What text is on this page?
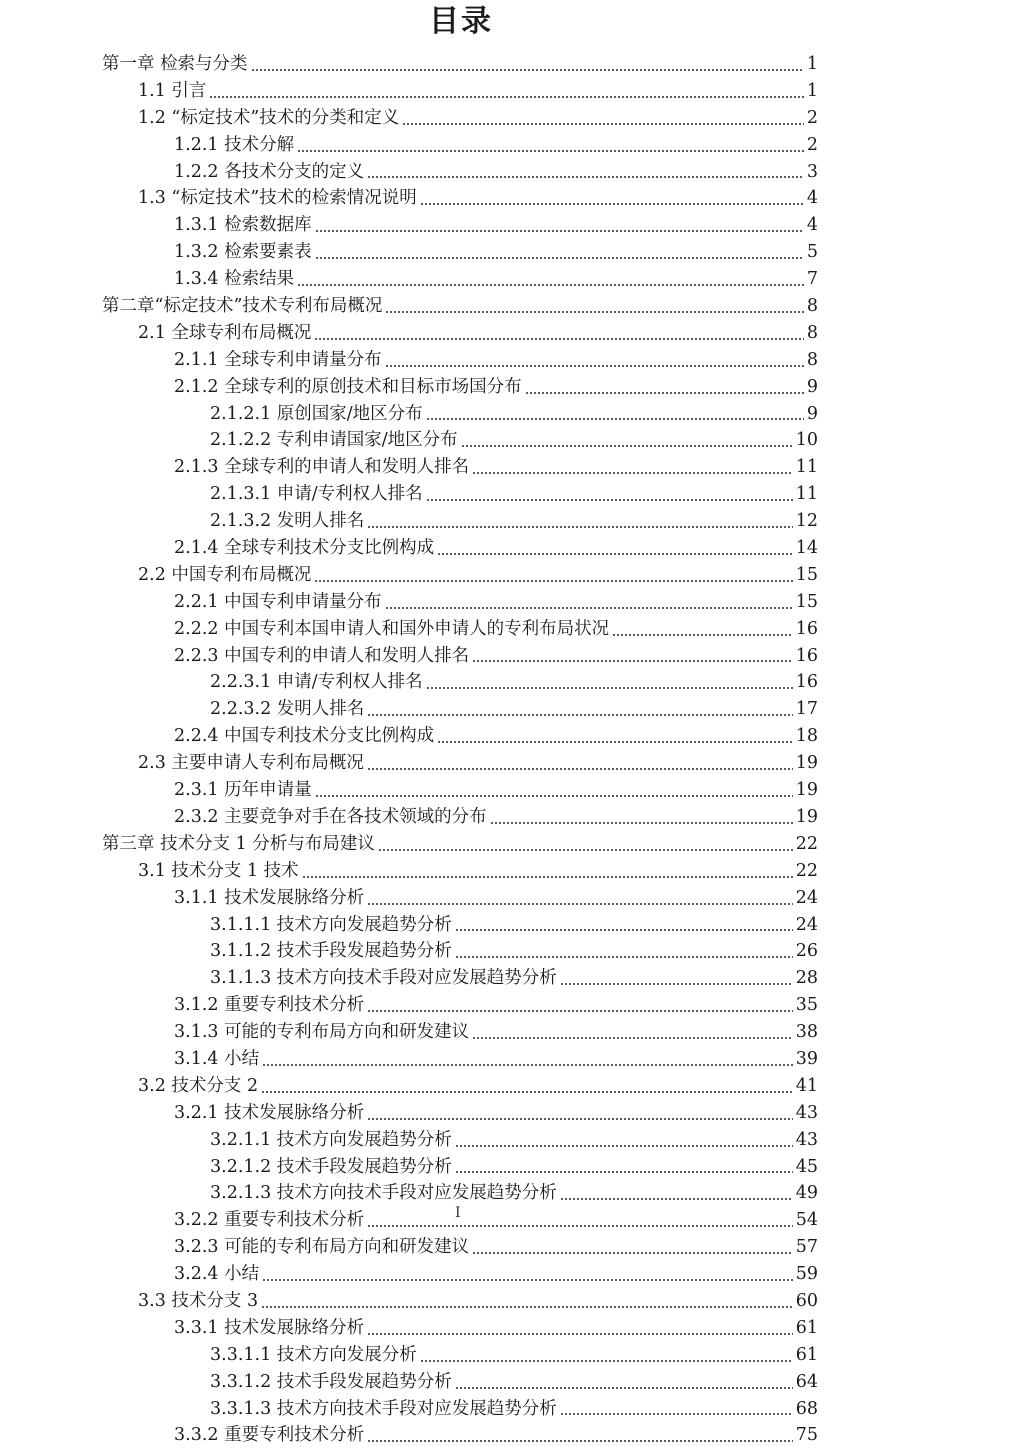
目录
第一章 检索与分类	1
1.1 引言	1
1.2 “标定技术”技术的分类和定义	2
1.2.1 技术分解	2
1.2.2 各技术分支的定义	3
1.3 “标定技术”技术的检索情况说明	4
1.3.1 检索数据库	4
1.3.2 检索要素表	5
1.3.4 检索结果	7
第二章“标定技术”技术专利布局概况	8
2.1 全球专利布局概况	8
2.1.1 全球专利申请量分布	8
2.1.2 全球专利的原创技术和目标市场国分布	9
2.1.2.1 原创国家/地区分布	9
2.1.2.2 专利申请国家/地区分布	10
2.1.3 全球专利的申请人和发明人排名	11
2.1.3.1 申请/专利权人排名	11
2.1.3.2 发明人排名	12
2.1.4 全球专利技术分支比例构成	14
2.2 中国专利布局概况	15
2.2.1 中国专利申请量分布	15
2.2.2 中国专利本国申请人和国外申请人的专利布局状况	16
2.2.3 中国专利的申请人和发明人排名	16
2.2.3.1 申请/专利权人排名	16
2.2.3.2 发明人排名	17
2.2.4 中国专利技术分支比例构成	18
2.3 主要申请人专利布局概况	19
2.3.1 历年申请量	19
2.3.2 主要竞争对手在各技术领域的分布	19
第三章 技术分支 1 分析与布局建议	22
3.1 技术分支 1 技术	22
3.1.1 技术发展脉络分析	24
3.1.1.1 技术方向发展趋势分析	24
3.1.1.2 技术手段发展趋势分析	26
3.1.1.3 技术方向技术手段对应发展趋势分析	28
3.1.2 重要专利技术分析	35
3.1.3 可能的专利布局方向和研发建议	38
3.1.4 小结	39
3.2 技术分支 2	41
3.2.1 技术发展脉络分析	43
3.2.1.1 技术方向发展趋势分析	43
3.2.1.2 技术手段发展趋势分析	45
3.2.1.3 技术方向技术手段对应发展趋势分析	49
3.2.2 重要专利技术分析	54
3.2.3 可能的专利布局方向和研发建议	57
3.2.4 小结	59
3.3 技术分支 3	60
3.3.1 技术发展脉络分析	61
3.3.1.1 技术方向发展分析	61
3.3.1.2 技术手段发展趋势分析	64
3.3.1.3 技术方向技术手段对应发展趋势分析	68
3.3.2 重要专利技术分析	75
I
